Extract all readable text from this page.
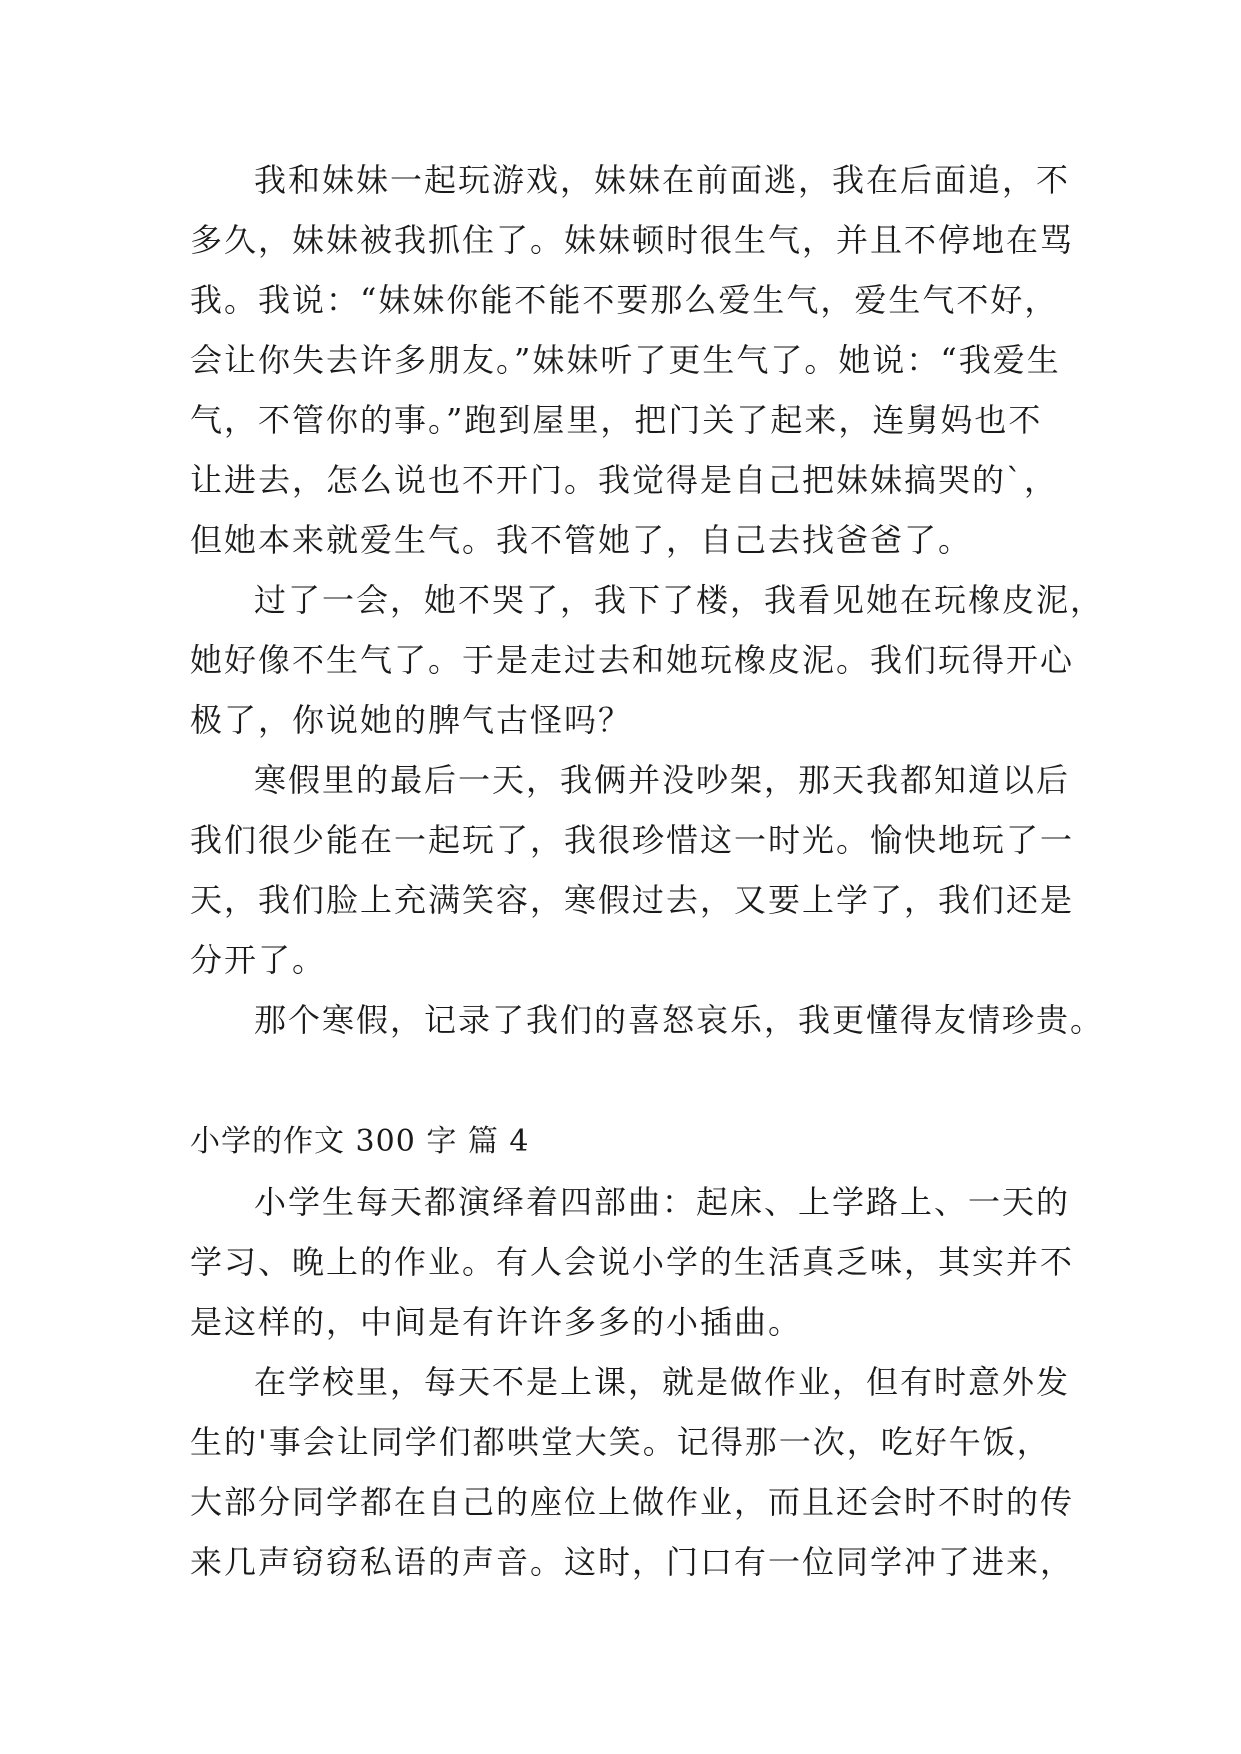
我和妹妹一起玩游戏，妹妹在前面逃，我在后面追，不
多久，妹妹被我抓住了。妹妹顿时很生气，并且不停地在骂
我。我说：“妹妹你能不能不要那么爱生气，爱生气不好，
会让你失去许多朋友。”妹妹听了更生气了。她说：“我爱生
气，不管你的事。”跑到屋里，把门关了起来，连舅妈也不
让进去，怎么说也不开门。我觉得是自己把妹妹搞哭的`，
但她本来就爱生气。我不管她了，自己去找爸爸了。
过了一会，她不哭了，我下了楼，我看见她在玩橡皮泥，
她好像不生气了。于是走过去和她玩橡皮泥。我们玩得开心
极了，你说她的脾气古怪吗？
寒假里的最后一天，我俩并没吵架，那天我都知道以后
我们很少能在一起玩了，我很珍惜这一时光。愉快地玩了一
天，我们脸上充满笑容，寒假过去，又要上学了，我们还是
分开了。
那个寒假，记录了我们的喜怒哀乐，我更懂得友情珍贵。
小学的作文 300 字 篇 4
小学生每天都演绎着四部曲：起床、上学路上、一天的
学习、晚上的作业。有人会说小学的生活真乏味，其实并不
是这样的，中间是有许许多多的小插曲。
在学校里，每天不是上课，就是做作业，但有时意外发
生的'事会让同学们都哄堂大笑。记得那一次，吃好午饭，
大部分同学都在自己的座位上做作业，而且还会时不时的传
来几声窃窃私语的声音。这时，门口有一位同学冲了进来，
